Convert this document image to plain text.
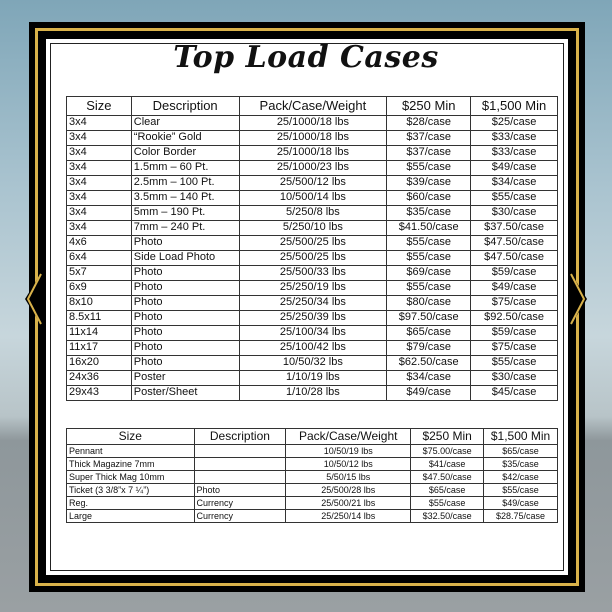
Top Load Cases
Size	Description	Pack/Case/Weight	$250 Min	$1,500 Min
3x4	Clear	25/1000/18 lbs	$28/case	$25/case
3x4	“Rookie” Gold	25/1000/18 lbs	$37/case	$33/case
3x4	Color Border	25/1000/18 lbs	$37/case	$33/case
3x4	1.5mm – 60 Pt.	25/1000/23 lbs	$55/case	$49/case
3x4	2.5mm – 100 Pt.	25/500/12 lbs	$39/case	$34/case
3x4	3.5mm – 140 Pt.	10/500/14 lbs	$60/case	$55/case
3x4	5mm – 190 Pt.	5/250/8 lbs	$35/case	$30/case
3x4	7mm – 240 Pt.	5/250/10 lbs	$41.50/case	$37.50/case
4x6	Photo	25/500/25 lbs	$55/case	$47.50/case
6x4	Side Load Photo	25/500/25 lbs	$55/case	$47.50/case
5x7	Photo	25/500/33 lbs	$69/case	$59/case
6x9	Photo	25/250/19 lbs	$55/case	$49/case
8x10	Photo	25/250/34 lbs	$80/case	$75/case
8.5x11	Photo	25/250/39 lbs	$97.50/case	$92.50/case
11x14	Photo	25/100/34 lbs	$65/case	$59/case
11x17	Photo	25/100/42 lbs	$79/case	$75/case
16x20	Photo	10/50/32 lbs	$62.50/case	$55/case
24x36	Poster	1/10/19 lbs	$34/case	$30/case
29x43	Poster/Sheet	1/10/28 lbs	$49/case	$45/case
Size	Description	Pack/Case/Weight	$250 Min	$1,500 Min
Pennant		10/50/19 lbs	$75.00/case	$65/case
Thick Magazine 7mm		10/50/12 lbs	$41/case	$35/case
Super Thick Mag 10mm		5/50/15 lbs	$47.50/case	$42/case
Ticket (3 3/8”x 7 ¼”)	Photo	25/500/28 lbs	$65/case	$55/case
Reg.	Currency	25/500/21 lbs	$55/case	$49/case
Large	Currency	25/250/14 lbs	$32.50/case	$28.75/case
